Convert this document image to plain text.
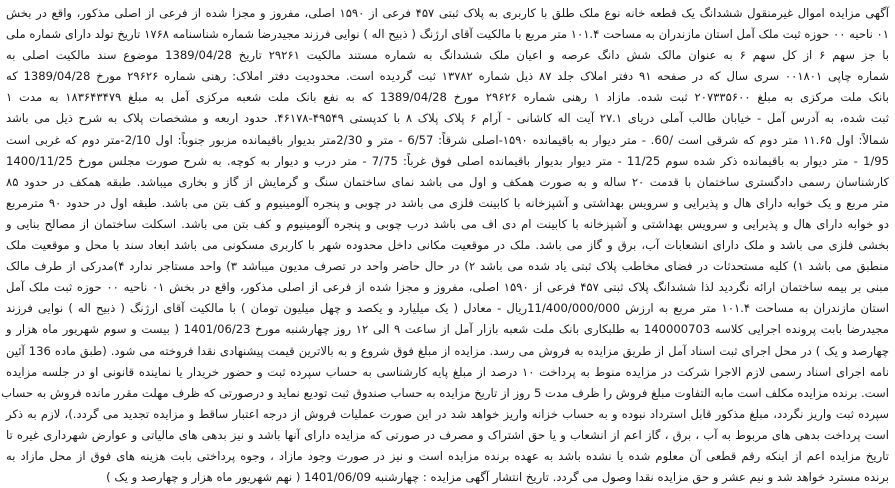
آگهی مزایده اموال غیرمنقول ششدانگ یک قطعه خانه نوع ملک طلق با کاربری به پلاک ثبتی ۴۵۷ فرعی از ۱۵۹۰ اصلی، مفروز و مجزا شده از فرعی از اصلی مذکور، واقع در بخش
۰۱ ناحیه ۰۰ حوزه ثبت ملک آمل استان مازندران به مساحت ۱۰۱.۴ متر مربع با مالکیت آقای ارژنگ ( ذبیح اله ) نوایی فرزند مجیدرضا شماره شناسنامه ۱۷۶۸ تاریخ تولد دارای شماره ملی
با جز سهم ۶ از کل سهم ۶ به عنوان مالک شش دانگ عرصه و اعیان ملک ششدانگ به شماره مستند مالکیت ۲۹۲۶۱ تاریخ 1389/04/28 موضوع سند مالکیت اصلی به
شماره چاپی ۰۰۱۸۰۱ سری سال که در صفحه ۹۱ دفتر املاک جلد ۸۷ ذیل شماره ۱۳۷۸۲ ثبت گردیده است. محدودیت دفتر املاک: رهنی شماره ۲۹۶۲۶ مورخ 1389/04/28 که
بانک ملت مرکزی به مبلغ ۲۰۷۳۳۵۶۰۰ ثبت شده. مازاد ۱ رهنی شماره ۲۹۶۲۶ مورخ 1389/04/28 که به نفع بانک ملت شعبه مرکزی آمل به مبلغ ۱۸۳۶۴۳۴۷۹ به مدت ۱
ثبت شده، به آدرس آمل - خیابان طالب آملی دریای ۲۷.۱ آیت اله کاشانی - آرام ۶ پلاک پلاک ۸ با کدپستی ۴۹۵۴۹-۴۶۱۷۸. حدود اربعه و مشخصات پلاک به شرح ذیل می باشد
شمالاً: اول ۱۱.۶۵ متر دوم که شرقی است /60. - متر دیوار به باقیمانده ۱۵۹۰-اصلی شرقاً: 6/57 - متر و 2/30متر بدیوار باقیمانده مزبور جنوباً: اول 2/10-متر دوم که غربی است
1/95 - متر دیوار به باقیمانده ذکر شده سوم 11/25 - متر دیوار بدیوار باقیمانده اصلی فوق غرباً: 7/75 - متر درب و دیوار به کوچه. به شرح صورت مجلس مورخ 1400/11/25
کارشناسان رسمی دادگستری ساختمان با قدمت ۲۰ ساله و به صورت همکف و اول می باشد نمای ساختمان سنگ و گرمایش از گاز و بخاری میباشد. طبقه همکف در حدود ۸۵
متر مربع و یک خوابه دارای هال و پذیرایی و سرویس بهداشتی و آشپزخانه با کابینت فلزی می باشد در چوبی و پنجره آلومینیوم و کف بتن می باشد. طبقه اول در حدود ۹۰ مترمربع
دو خوابه دارای هال و پذیرایی و سرویس بهداشتی و آشپزخانه با کابینت ام دی اف می باشد درب چوبی و پنجره آلومینیوم و کف بتن می باشد. اسکلت ساختمان از مصالح بنایی و
بخشی فلزی می باشد و ملک دارای انشعابات آب، برق و گاز می باشد. ملک در موقعیت مکانی داخل محدوده شهر با کاربری مسکونی می باشد ابعاد سند با محل و موقعیت ملک
منطبق می باشد ۱) کلیه مستحدثات در فضای مخاطب پلاک ثبتی یاد شده می باشد ۲) در حال حاضر واحد در تصرف مدیون میباشد ۳) واحد مستاجر ندارد ۴)مدرکی از طرف مالک
مبنی بر بیمه ساختمان ارائه نگردید لذا ششدانگ پلاک ثبتی ۴۵۷ فرعی از ۱۵۹۰ اصلی، مفروز و مجزا شده از فرعی از اصلی مذکور، واقع در بخش ۰۱ ناحیه ۰۰ حوزه ثبت ملک آمل
استان مازندران به مساحت ۱۰۱.۴ متر مربع به ارزش 11/400/000/000ریال - معادل ( یک میلیارد و یکصد و چهل میلیون تومان ) با مالکیت آقای ارژنگ ( ذبیح اله ) نوایی فرزند
مجیدرضا بابت پرونده اجرایی کلاسه 140000703 به طلبکاری بانک ملت شعبه بازار آمل از ساعت ۹ الی ۱۲ روز چهارشنبه مورخ 1401/06/23 ( بیست و سوم شهریور ماه هزار و
چهارصد و یک ) در محل اجرای ثبت اسناد آمل از طریق مزایده به فروش می رسد. مزایده از مبلغ فوق شروع و به بالاترین قیمت پیشنهادی نقدا فروخته می شود. (طبق ماده 136 آئین
نامه اجرای اسناد رسمی لازم الاجرا شرکت در مزایده منوط به پرداخت ۱۰ درصد از مبلغ پایه کارشناسی به حساب سپرده ثبت و حضور خریدار یا نماینده قانونی او در جلسه مزایده
است. برنده مزایده مکلف است مابه التفاوت مبلغ فروش را ظرف مدت 5 روز از تاریخ مزایده به حساب صندوق ثبت تودیع نماید و درصورتی که ظرف مهلت مقرر مانده فروش به حساب
سپرده ثبت واریز نگردد، مبلغ مذکور قابل استرداد نبوده و به حساب خزانه واریز خواهد شد در این صورت عملیات فروش از درجه اعتبار ساقط و مزایده تجدید می گردد.)، لازم به ذکر
است پرداخت بدهی های مربوط به آب ، برق ، گاز اعم از انشعاب و یا حق اشتراک و مصرف در صورتی که مزایده دارای آنها باشد و نیز بدهی های مالیاتی و عوارض شهرداری غیره تا
تاریخ مزایده اعم از اینکه رقم قطعی آن معلوم شده یا نشده باشد به عهده برنده مزایده است و نیز در صورت وجود مازاد ، وجوه پرداختی بابت هزینه های فوق از محل مازاد به
برنده مسترد خواهد شد و نیم عشر و حق مزایده نقدا وصول می گردد. تاریخ انتشار آگهی مزایده : چهارشنبه 1401/06/09 ( نهم شهریور ماه هزار و چهارصد و یک )
